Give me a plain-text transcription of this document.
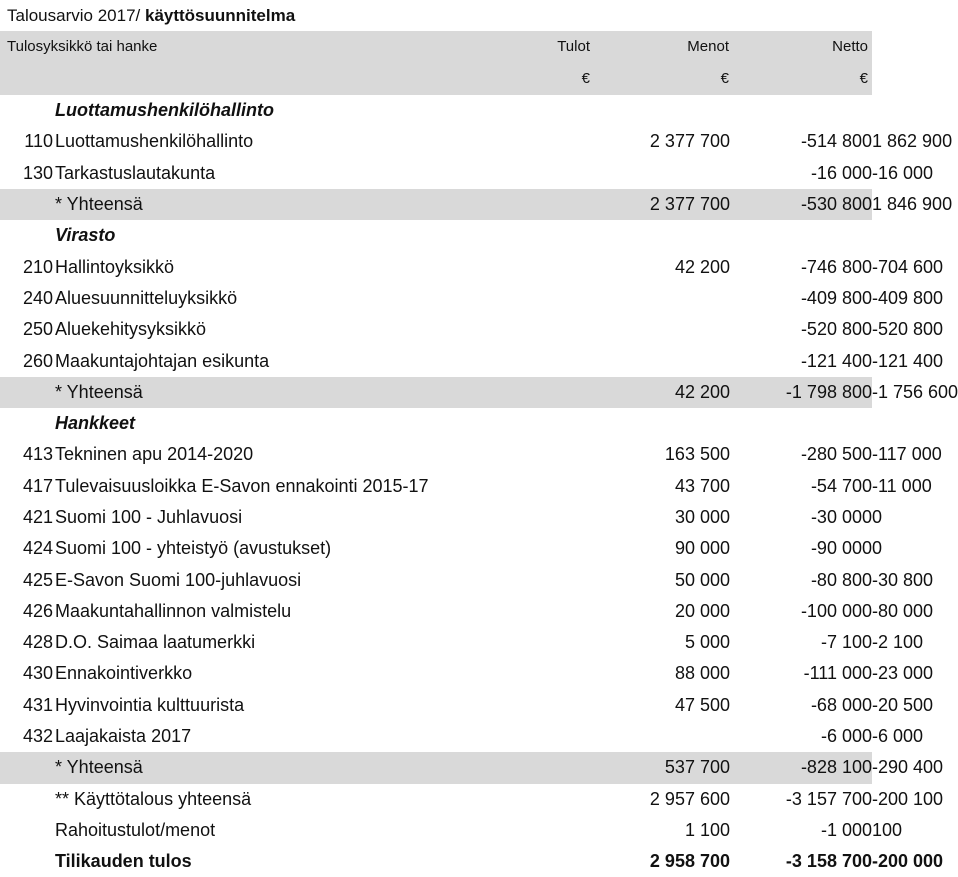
Talousarvio 2017/ käyttösuunnitelma
Tulosyksikkö tai hanke	Tulot	Menot	Netto
€	€	€
	Luottamushenkilöhallinto			
110	Luottamushenkilöhallinto	2 377 700	-514 800	1 862 900
130	Tarkastuslautakunta		-16 000	-16 000
	* Yhteensä	2 377 700	-530 800	1 846 900
	Virasto			
210	Hallintoyksikkö	42 200	-746 800	-704 600
240	Aluesuunnitteluyksikkö		-409 800	-409 800
250	Aluekehitysyksikkö		-520 800	-520 800
260	Maakuntajohtajan esikunta		-121 400	-121 400
	* Yhteensä	42 200	-1 798 800	-1 756 600
	Hankkeet			
413	Tekninen apu 2014-2020	163 500	-280 500	-117 000
417	Tulevaisuusloikka E-Savon ennakointi 2015-17	43 700	-54 700	-11 000
421	Suomi 100 - Juhlavuosi	30 000	-30 000	0
424	Suomi 100 - yhteistyö (avustukset)	90 000	-90 000	0
425	E-Savon Suomi 100-juhlavuosi	50 000	-80 800	-30 800
426	Maakuntahallinnon valmistelu	20 000	-100 000	-80 000
428	D.O. Saimaa laatumerkki	5 000	-7 100	-2 100
430	Ennakointiverkko	88 000	-111 000	-23 000
431	Hyvinvointia kulttuurista	47 500	-68 000	-20 500
432	Laajakaista 2017		-6 000	-6 000
	* Yhteensä	537 700	-828 100	-290 400
	** Käyttötalous yhteensä	2 957 600	-3 157 700	-200 100
	Rahoitustulot/menot	1 100	-1 000	100
	Tilikauden tulos	2 958 700	-3 158 700	-200 000
